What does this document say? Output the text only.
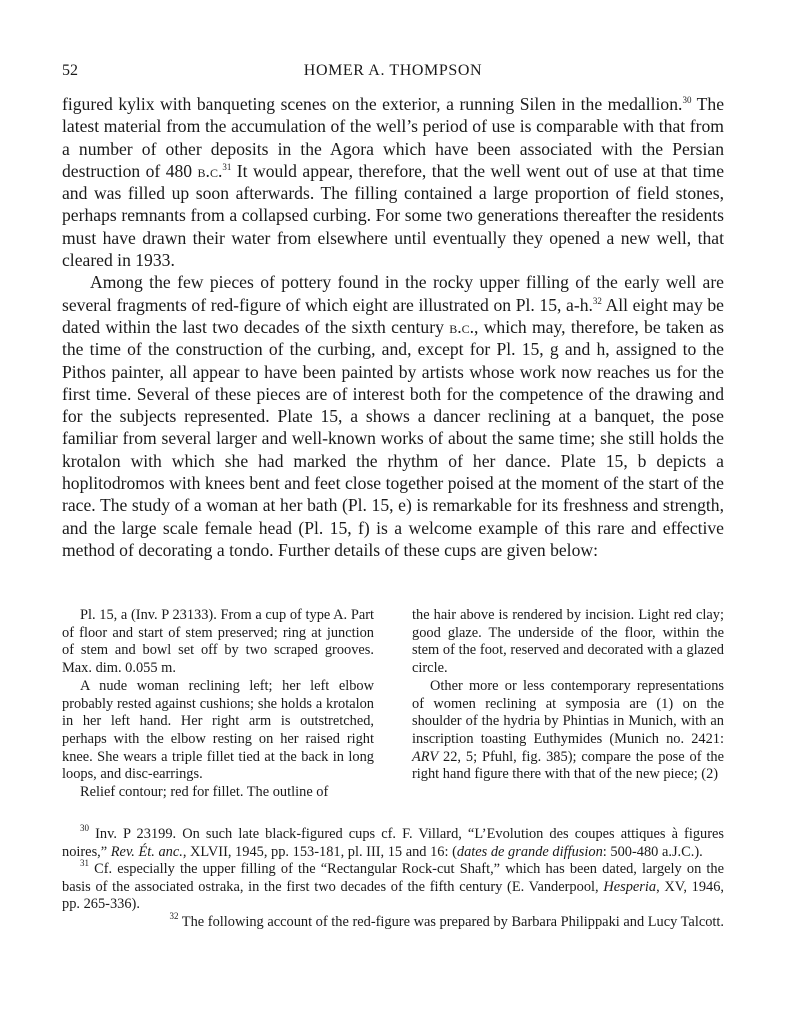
52	HOMER A. THOMPSON

figured kylix with banqueting scenes on the exterior, a running Silen in the medallion.$^{30}$ The latest material from the accumulation of the well’s period of use is comparable with that from a number of other deposits in the Agora which have been associated with the Persian destruction of 480 b.c.$^{31}$ It would appear, therefore, that the well went out of use at that time and was filled up soon afterwards. The filling contained a large proportion of field stones, perhaps remnants from a collapsed curbing. For some two generations thereafter the residents must have drawn their water from elsewhere until eventually they opened a new well, that cleared in 1933.

Among the few pieces of pottery found in the rocky upper filling of the early well are several fragments of red-figure of which eight are illustrated on Pl. 15, a-h.$^{32}$ All eight may be dated within the last two decades of the sixth century b.c., which may, therefore, be taken as the time of the construction of the curbing, and, except for Pl. 15, g and h, assigned to the Pithos painter, all appear to have been painted by artists whose work now reaches us for the first time. Several of these pieces are of interest both for the competence of the drawing and for the subjects represented. Plate 15, a shows a dancer reclining at a banquet, the pose familiar from several larger and well-known works of about the same time; she still holds the krotalon with which she had marked the rhythm of her dance. Plate 15, b depicts a hoplitodromos with knees bent and feet close together poised at the moment of the start of the race. The study of a woman at her bath (Pl. 15, e) is remarkable for its freshness and strength, and the large scale female head (Pl. 15, f) is a welcome example of this rare and effective method of decorating a tondo. Further details of these cups are given below:

Pl. 15, a (Inv. P 23133). From a cup of type A. Part of floor and start of stem preserved; ring at junction of stem and bowl set off by two scraped grooves. Max. dim. 0.055 m.

A nude woman reclining left; her left elbow probably rested against cushions; she holds a krotalon in her left hand. Her right arm is outstretched, perhaps with the elbow resting on her raised right knee. She wears a triple fillet tied at the back in long loops, and disc-earrings.

Relief contour; red for fillet. The outline of

the hair above is rendered by incision. Light red clay; good glaze. The underside of the floor, within the stem of the foot, reserved and decorated with a glazed circle.

Other more or less contemporary representations of women reclining at symposia are (1) on the shoulder of the hydria by Phintias in Munich, with an inscription toasting Euthymides (Munich no. 2421: ARV 22, 5; Pfuhl, fig. 385); compare the pose of the right hand figure there with that of the new piece; (2)

$^{30}$ Inv. P 23199. On such late black-figured cups cf. F. Villard, “L’Evolution des coupes attiques à figures noires,” Rev. Ét. anc., XLVII, 1945, pp. 153-181, pl. III, 15 and 16: (dates de grande diffusion: 500-480 a.J.C.).

$^{31}$ Cf. especially the upper filling of the “Rectangular Rock-cut Shaft,” which has been dated, largely on the basis of the associated ostraka, in the first two decades of the fifth century (E. Vanderpool, Hesperia, XV, 1946, pp. 265-336).

$^{32}$ The following account of the red-figure was prepared by Barbara Philippaki and Lucy Talcott.
